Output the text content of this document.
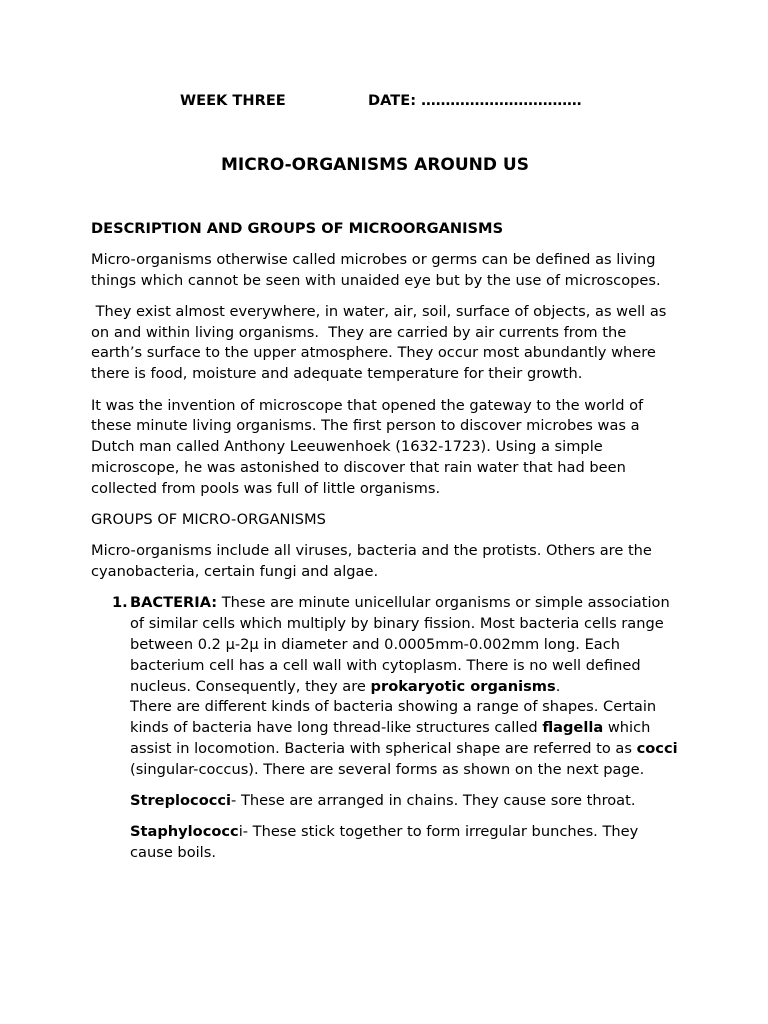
WEEK THREE	DATE: ……………………………
MICRO-ORGANISMS AROUND US
DESCRIPTION AND GROUPS OF MICROORGANISMS

Micro-organisms otherwise called microbes or germs can be defined as living things which cannot be seen with unaided eye but by the use of microscopes.

They exist almost everywhere, in water, air, soil, surface of objects, as well as on and within living organisms.  They are carried by air currents from the earth’s surface to the upper atmosphere. They occur most abundantly where there is food, moisture and adequate temperature for their growth.

It was the invention of microscope that opened the gateway to the world of these minute living organisms. The first person to discover microbes was a Dutch man called Anthony Leeuwenhoek (1632-1723). Using a simple microscope, he was astonished to discover that rain water that had been collected from pools was full of little organisms.

GROUPS OF MICRO-ORGANISMS

Micro-organisms include all viruses, bacteria and the protists. Others are the cyanobacteria, certain fungi and algae.

1. BACTERIA: These are minute unicellular organisms or simple association of similar cells which multiply by binary fission. Most bacteria cells range between 0.2 µ-2µ in diameter and 0.0005mm-0.002mm long. Each bacterium cell has a cell wall with cytoplasm. There is no well defined nucleus. Consequently, they are prokaryotic organisms.

There are different kinds of bacteria showing a range of shapes. Certain kinds of bacteria have long thread-like structures called flagella which assist in locomotion. Bacteria with spherical shape are referred to as cocci (singular-coccus). There are several forms as shown on the next page.

Streplococci- These are arranged in chains. They cause sore throat.

Staphylococci- These stick together to form irregular bunches. They cause boils.
